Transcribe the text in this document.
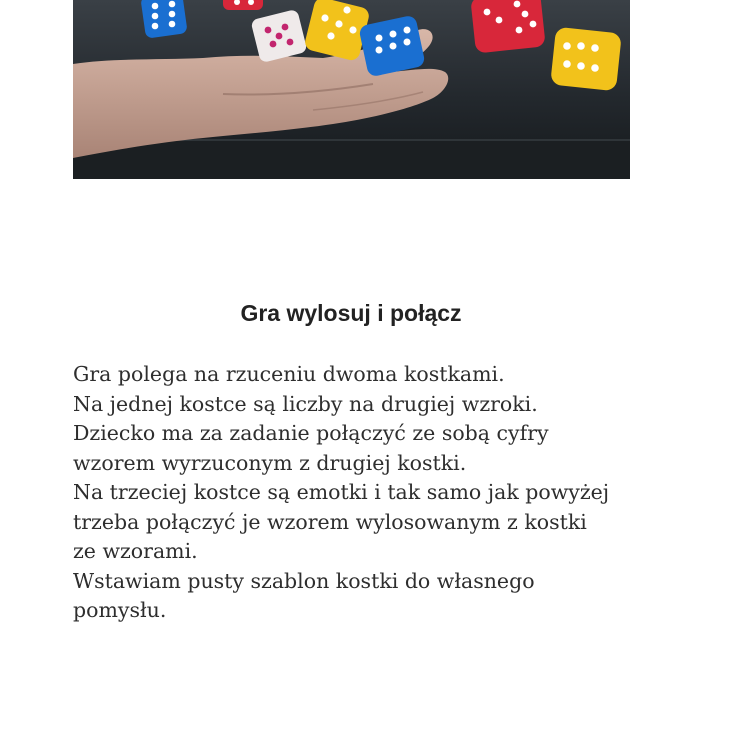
Gra wylosuj i połącz

Gra polega na rzuceniu dwoma kostkami.
Na jednej kostce są liczby na drugiej wzroki.
Dziecko ma za zadanie połączyć ze sobą cyfry
wzorem wyrzuconym z drugiej kostki.
Na trzeciej kostce są emotki i tak samo jak powyżej
trzeba połączyć je wzorem wylosowanym z kostki
ze wzorami.
Wstawiam pusty szablon kostki do własnego
pomysłu.
